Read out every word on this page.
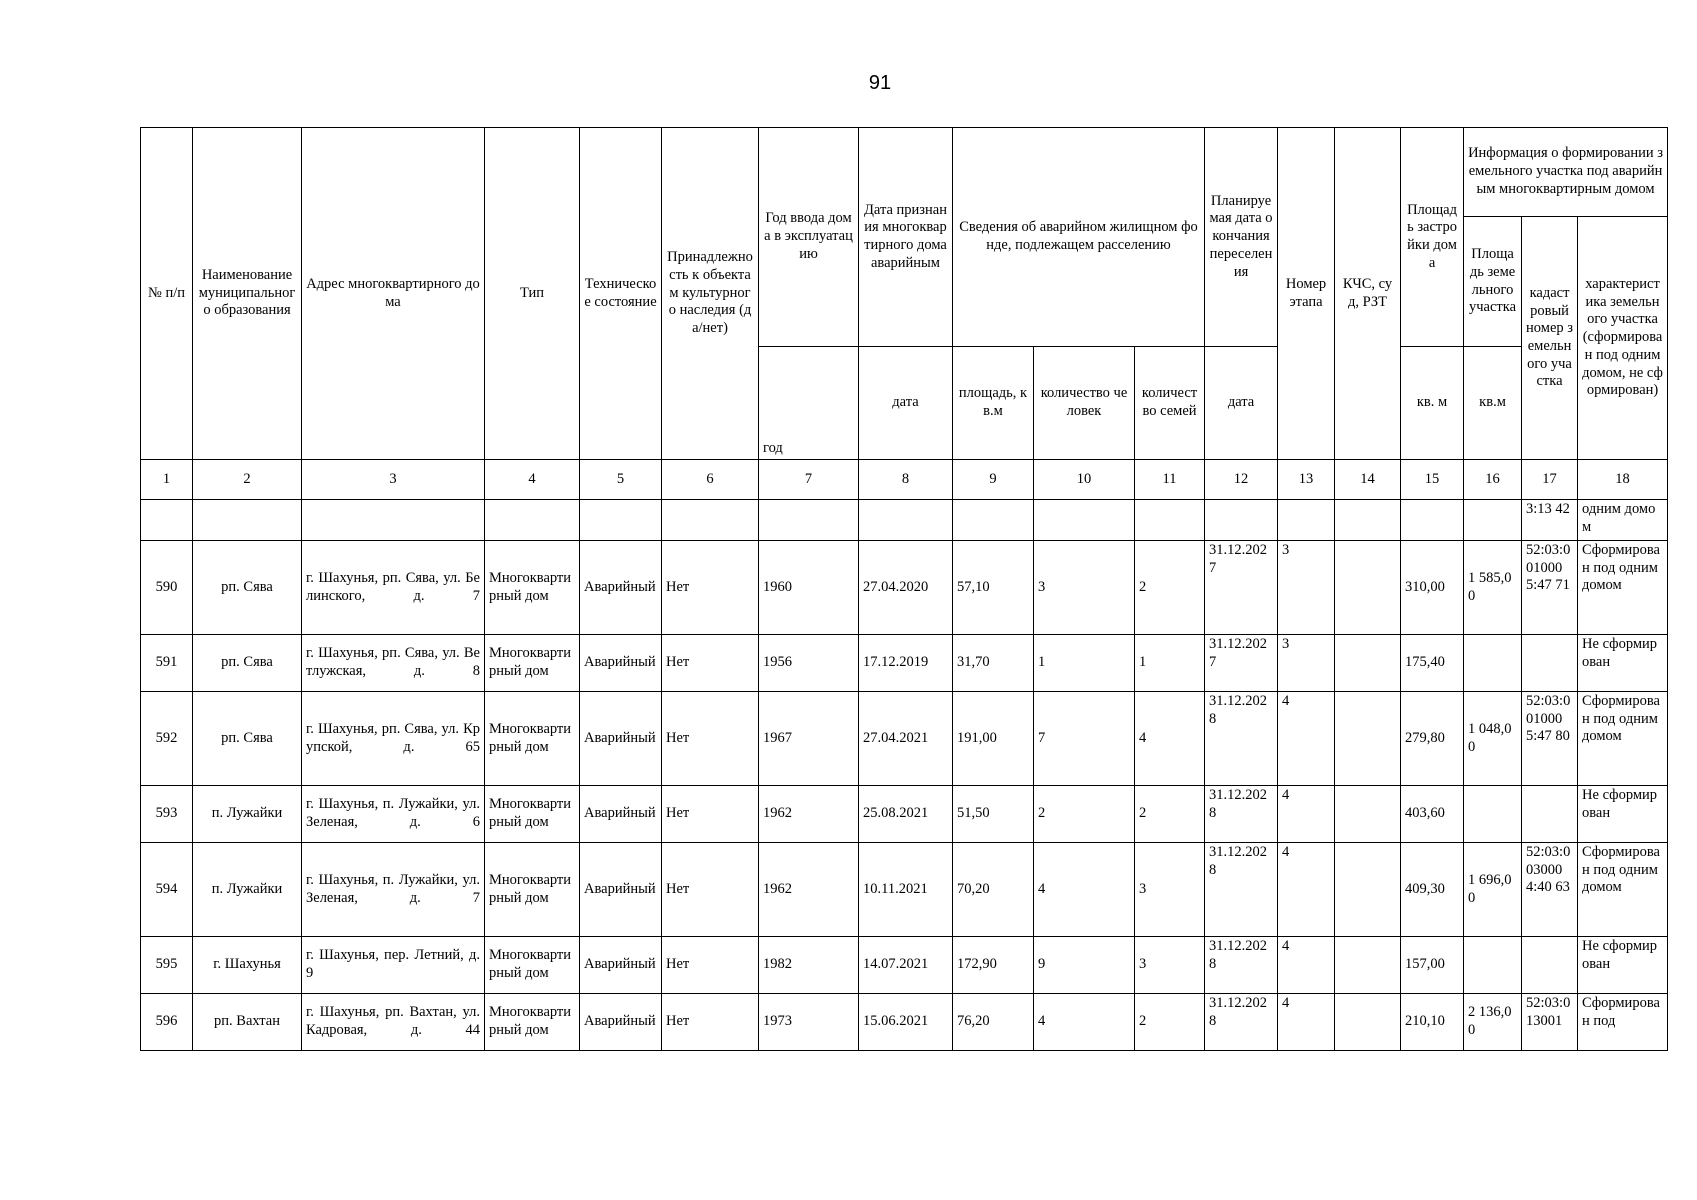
91
№ п/п	Наименование муниципального образования	Адрес многоквартирного дома	Тип	Техническое состояние	Принадлежность к объектам культурного наследия (да/нет)	Год ввода дома в эксплуатацию	Дата признания многоквартирного дома аварийным	Сведения об аварийном жилищном фонде, подлежащем расселению			Планируемая дата окончания переселения	Номер этапа	КЧС, суд, РЗТ	Площадь застройки дома	Информация о формировании земельного участка под аварийным многоквартирным домом		
															Площадь земельного участка	кадастровый номер земельного участка	характеристика земельного участка (сформирован под одним домом, не сформирован)
						год	дата	площадь, кв.м	количество человек	количество семей	дата			кв. м	кв.м		
1	2	3	4	5	6	7	8	9	10	11	12	13	14	15	16	17	18
																3:13 42	одним домом
590	рп. Сява	г. Шахунья, рп. Сява, ул. Белинского, д. 7	Многоквартирный дом	Аварийный	Нет	1960	27.04.2020	57,10	3	2	31.12.2027	3		310,00	1 585,00	52:03:001000 5:47 71	Сформирован под одним домом
591	рп. Сява	г. Шахунья, рп. Сява, ул. Ветлужская, д. 8	Многоквартирный дом	Аварийный	Нет	1956	17.12.2019	31,70	1	1	31.12.2027	3		175,40			Не сформирован
592	рп. Сява	г. Шахунья, рп. Сява, ул. Крупской, д. 65	Многоквартирный дом	Аварийный	Нет	1967	27.04.2021	191,00	7	4	31.12.2028	4		279,80	1 048,00	52:03:001000 5:47 80	Сформирован под одним домом
593	п. Лужайки	г. Шахунья, п. Лужайки, ул. Зеленая, д. 6	Многоквартирный дом	Аварийный	Нет	1962	25.08.2021	51,50	2	2	31.12.2028	4		403,60			Не сформирован
594	п. Лужайки	г. Шахунья, п. Лужайки, ул. Зеленая, д. 7	Многоквартирный дом	Аварийный	Нет	1962	10.11.2021	70,20	4	3	31.12.2028	4		409,30	1 696,00	52:03:003000 4:40 63	Сформирован под одним домом
595	г. Шахунья	г. Шахунья, пер. Летний, д. 9	Многоквартирный дом	Аварийный	Нет	1982	14.07.2021	172,90	9	3	31.12.2028	4		157,00			Не сформирован
596	рп. Вахтан	г. Шахунья, рп. Вахтан, ул. Кадровая, д. 44	Многоквартирный дом	Аварийный	Нет	1973	15.06.2021	76,20	4	2	31.12.2028	4		210,10	2 136,00	52:03:013001	Сформирован под
